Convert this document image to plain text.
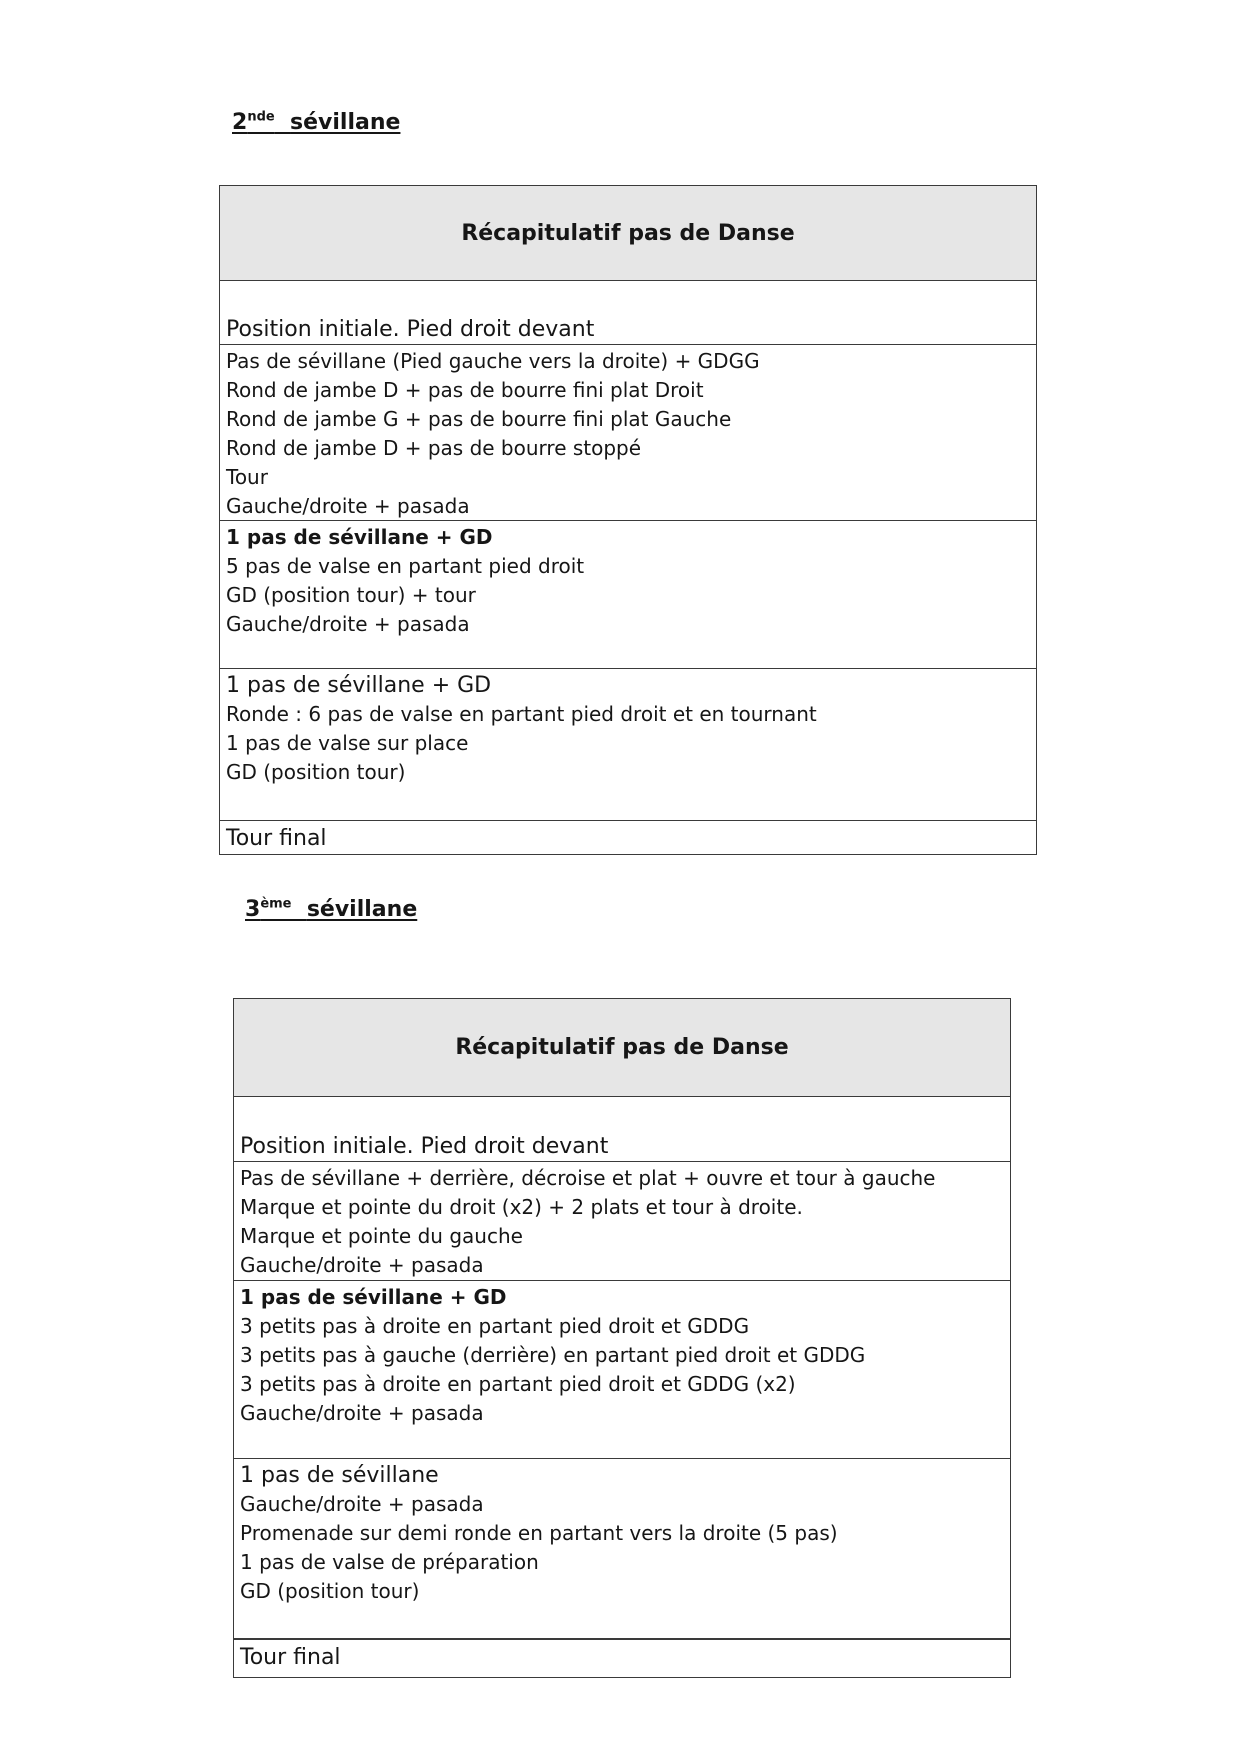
2nde sévillane
Récapitulatif pas de Danse
Position initiale. Pied droit devant
Pas de sévillane (Pied gauche vers la droite) + GDGG
Rond de jambe D + pas de bourre fini plat Droit
Rond de jambe G + pas de bourre fini plat Gauche
Rond de jambe D + pas de bourre stoppé
Tour
Gauche/droite + pasada
1 pas de sévillane + GD
5 pas de valse en partant pied droit
GD (position tour) + tour
Gauche/droite + pasada
1 pas de sévillane + GD
Ronde : 6 pas de valse en partant pied droit et en tournant
1 pas de valse sur place
GD (position tour)
Tour final
3ème sévillane
Récapitulatif pas de Danse
Position initiale. Pied droit devant
Pas de sévillane + derrière, décroise et plat + ouvre et tour à gauche
Marque et pointe du droit (x2) + 2 plats et tour à droite.
Marque et pointe du gauche
Gauche/droite + pasada
1 pas de sévillane + GD
3 petits pas à droite en partant pied droit et GDDG
3 petits pas à gauche (derrière) en partant pied droit et GDDG
3 petits pas à droite en partant pied droit et GDDG (x2)
Gauche/droite + pasada
1 pas de sévillane
Gauche/droite + pasada
Promenade sur demi ronde en partant vers la droite (5 pas)
1 pas de valse de préparation
GD (position tour)
Tour final
